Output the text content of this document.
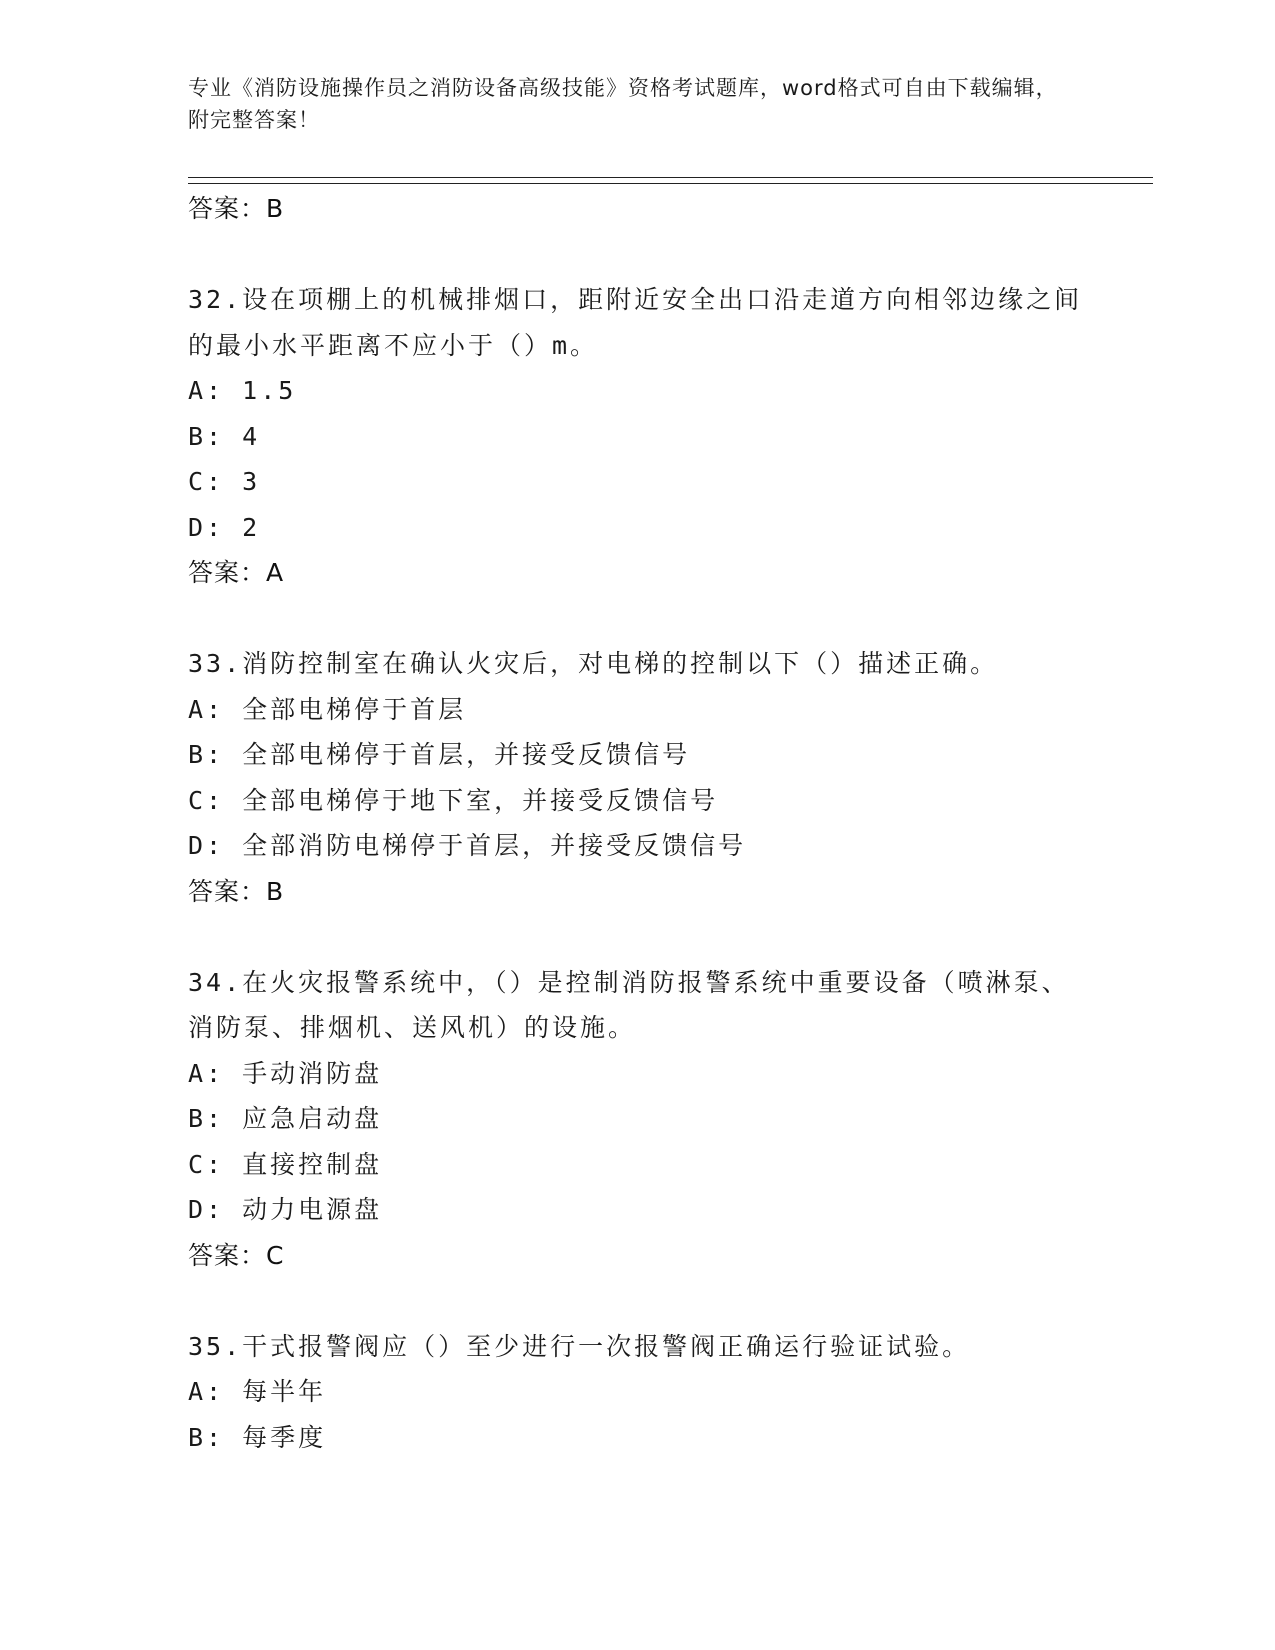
专业《消防设施操作员之消防设备高级技能》资格考试题库，word格式可自由下载编辑，附完整答案！
答案：B
32.设在项棚上的机械排烟口，距附近安全出口沿走道方向相邻边缘之间的最小水平距离不应小于（）m。
A: 1.5
B: 4
C: 3
D: 2
答案：A
33.消防控制室在确认火灾后，对电梯的控制以下（）描述正确。
A: 全部电梯停于首层
B: 全部电梯停于首层，并接受反馈信号
C: 全部电梯停于地下室，并接受反馈信号
D: 全部消防电梯停于首层，并接受反馈信号
答案：B
34.在火灾报警系统中，（）是控制消防报警系统中重要设备（喷淋泵、消防泵、排烟机、送风机）的设施。
A: 手动消防盘
B: 应急启动盘
C: 直接控制盘
D: 动力电源盘
答案：C
35.干式报警阀应（）至少进行一次报警阀正确运行验证试验。
A: 每半年
B: 每季度
